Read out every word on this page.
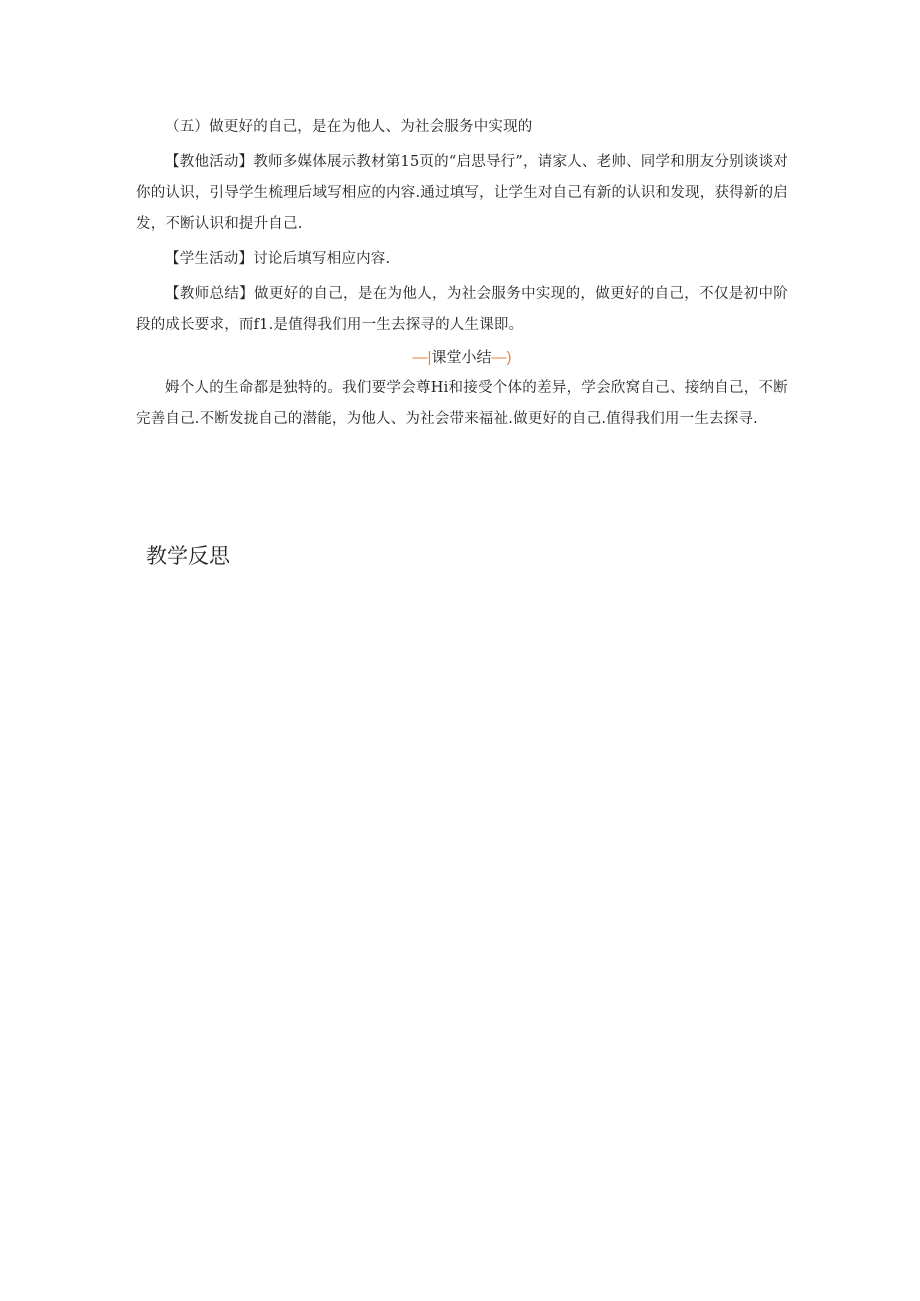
（五）做更好的自己，是在为他人、为社会服务中实现的

【教他活动】教师多媒体展示教材第15页的“启思导行”，请家人、老帅、同学和朋友分别谈谈对你的认识，引导学生梳理后域写相应的内容.通过填写，让学生对自己有新的认识和发现，获得新的启发，不断认识和提升自己.

【学生活动】讨论后填写相应内容.

【教师总结】做更好的自己，是在为他人，为社会服务中实现的，做更好的自己，不仅是初中阶段的成长要求，而f1.是值得我们用一生去探寻的人生课即。

—|课堂小结—)

姆个人的生命都是独特的。我们要学会尊Hi和接受个体的差异，学会欣窝自己、接纳自己，不断完善自己.不断发拢自己的潜能，为他人、为社会带来福祉.做更好的自己.值得我们用一生去探寻.

教学反思
